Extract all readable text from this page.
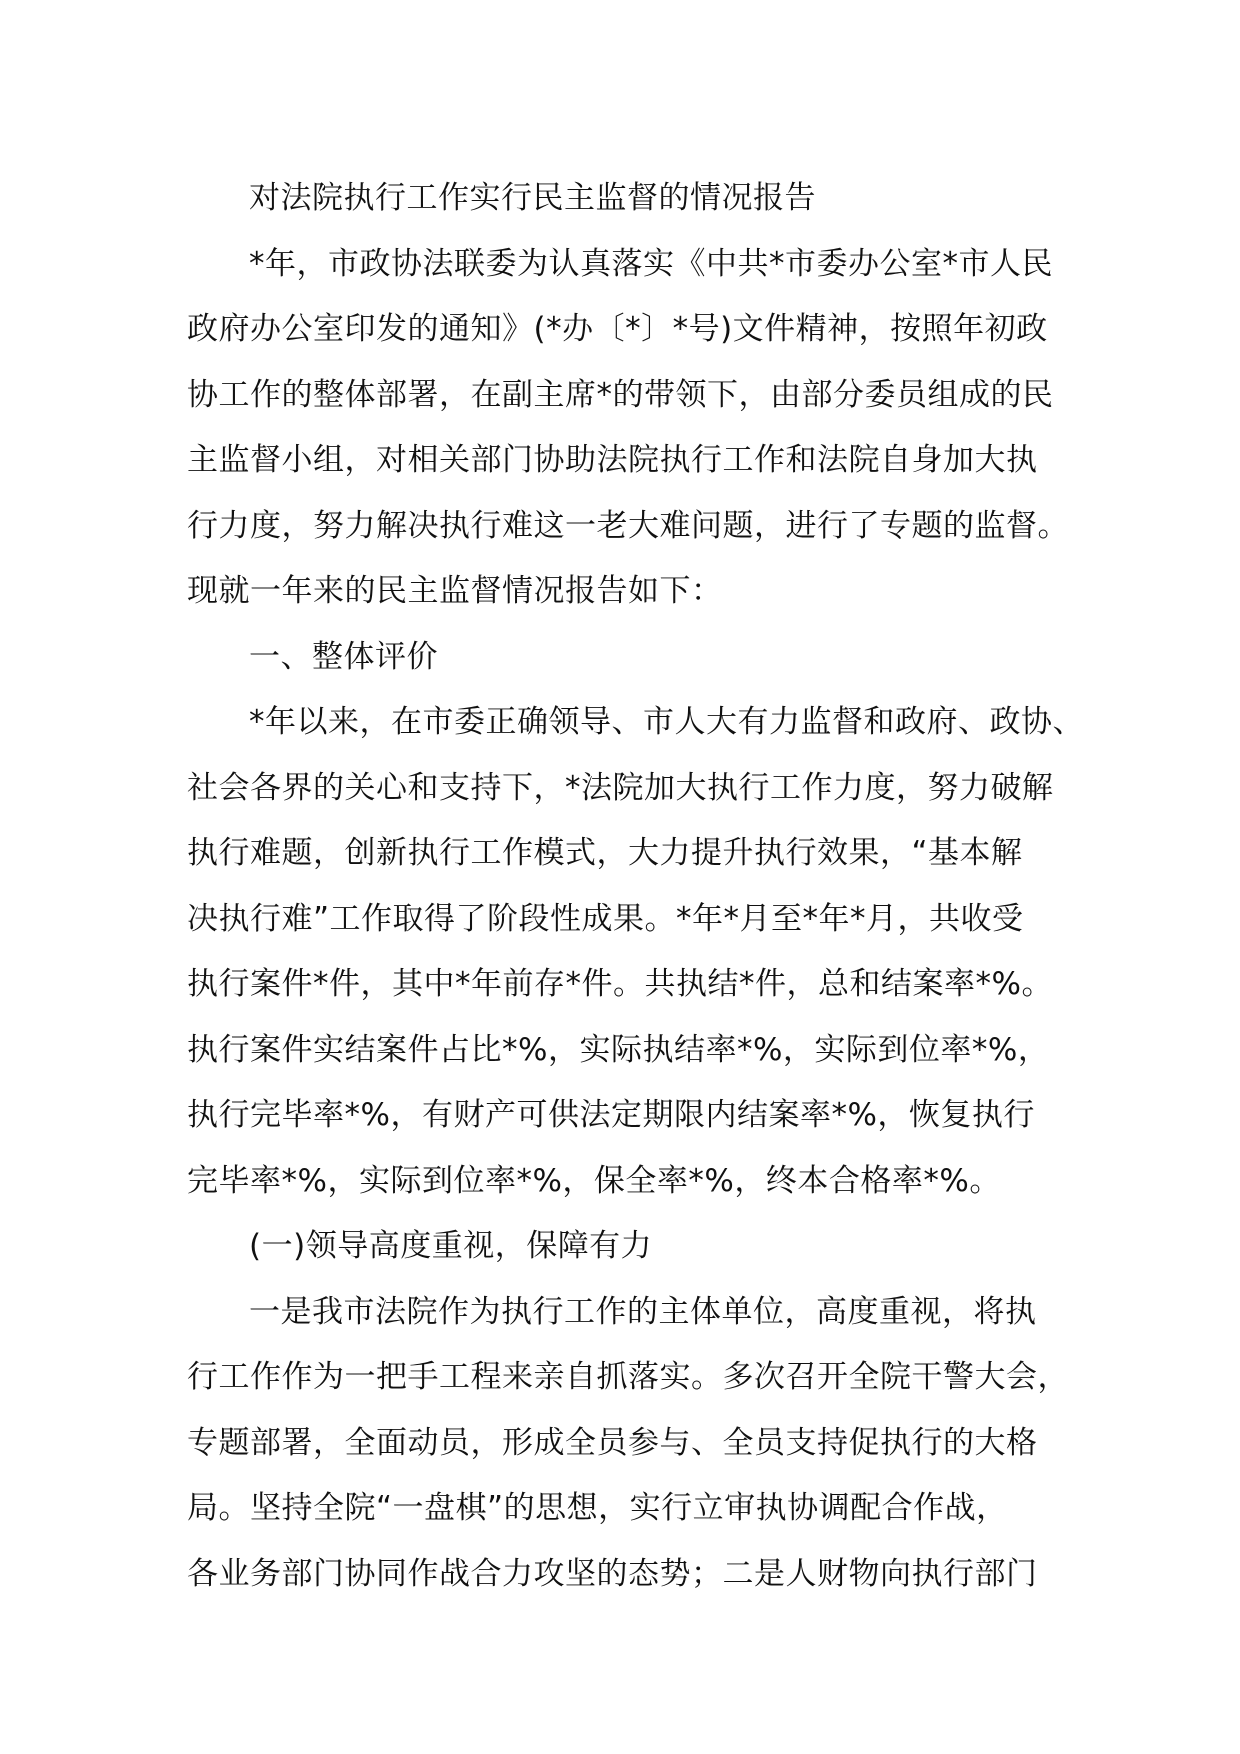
对法院执行工作实行民主监督的情况报告
*年，市政协法联委为认真落实《中共*市委办公室*市人民
政府办公室印发的通知》(*办〔*〕*号)文件精神，按照年初政
协工作的整体部署，在副主席*的带领下，由部分委员组成的民
主监督小组，对相关部门协助法院执行工作和法院自身加大执
行力度，努力解决执行难这一老大难问题，进行了专题的监督。
现就一年来的民主监督情况报告如下：
一、整体评价
*年以来，在市委正确领导、市人大有力监督和政府、政协、
社会各界的关心和支持下，*法院加大执行工作力度，努力破解
执行难题，创新执行工作模式，大力提升执行效果，“基本解
决执行难”工作取得了阶段性成果。*年*月至*年*月，共收受
执行案件*件，其中*年前存*件。共执结*件，总和结案率*%。
执行案件实结案件占比*%，实际执结率*%，实际到位率*%，
执行完毕率*%，有财产可供法定期限内结案率*%，恢复执行
完毕率*%，实际到位率*%，保全率*%，终本合格率*%。
(一)领导高度重视，保障有力
一是我市法院作为执行工作的主体单位，高度重视，将执
行工作作为一把手工程来亲自抓落实。多次召开全院干警大会，
专题部署，全面动员，形成全员参与、全员支持促执行的大格
局。坚持全院“一盘棋”的思想，实行立审执协调配合作战，
各业务部门协同作战合力攻坚的态势；二是人财物向执行部门
